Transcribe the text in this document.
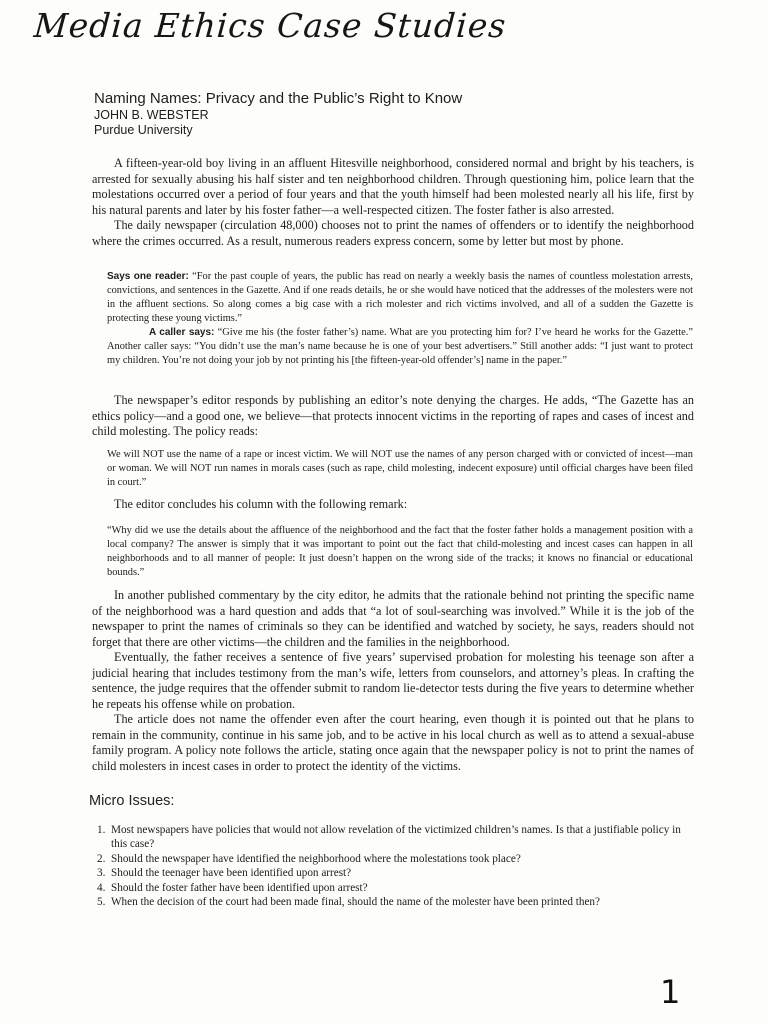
Media Ethics Case Studies
Naming Names: Privacy and the Public’s Right to Know
JOHN B. WEBSTER
Purdue University

A fifteen-year-old boy living in an affluent Hitesville neighborhood, considered normal and bright by his teachers, is arrested for sexually abusing his half sister and ten neighborhood children. Through questioning him, police learn that the molestations occurred over a period of four years and that the youth himself had been molested nearly all his life, first by his natural parents and later by his foster father—a well-respected citizen. The foster father is also arrested.

The daily newspaper (circulation 48,000) chooses not to print the names of offenders or to identify the neighborhood where the crimes occurred. As a result, numerous readers express concern, some by letter but most by phone.

Says one reader: “For the past couple of years, the public has read on nearly a weekly basis the names of countless molestation arrests, convictions, and sentences in the Gazette. And if one reads details, he or she would have noticed that the addresses of the molesters were not in the affluent sections. So along comes a big case with a rich molester and rich victims involved, and all of a sudden the Gazette is protecting these young victims.”

A caller says: “Give me his (the foster father’s) name. What are you protecting him for? I’ve heard he works for the Gazette.” Another caller says: “You didn’t use the man’s name because he is one of your best advertisers.” Still another adds: “I just want to protect my children. You’re not doing your job by not printing his [the fifteen-year-old offender’s] name in the paper.”

The newspaper’s editor responds by publishing an editor’s note denying the charges. He adds, “The Gazette has an ethics policy—and a good one, we believe—that protects innocent victims in the reporting of rapes and cases of incest and child molesting. The policy reads:

We will NOT use the name of a rape or incest victim. We will NOT use the names of any person charged with or convicted of incest—man or woman. We will NOT run names in morals cases (such as rape, child molesting, indecent exposure) until official charges have been filed in court.”

The editor concludes his column with the following remark:

“Why did we use the details about the affluence of the neighborhood and the fact that the foster father holds a management position with a local company? The answer is simply that it was important to point out the fact that child-molesting and incest cases can happen in all neighborhoods and to all manner of people: It just doesn’t happen on the wrong side of the tracks; it knows no financial or educational bounds.”

In another published commentary by the city editor, he admits that the rationale behind not printing the specific name of the neighborhood was a hard question and adds that “a lot of soul-searching was involved.” While it is the job of the newspaper to print the names of criminals so they can be identified and watched by society, he says, readers should not forget that there are other victims—the children and the families in the neighborhood.

Eventually, the father receives a sentence of five years’ supervised probation for molesting his teenage son after a judicial hearing that includes testimony from the man’s wife, letters from counselors, and attorney’s pleas. In crafting the sentence, the judge requires that the offender submit to random lie-detector tests during the five years to determine whether he repeats his offense while on probation.

The article does not name the offender even after the court hearing, even though it is pointed out that he plans to remain in the community, continue in his same job, and to be active in his local church as well as to attend a sexual-abuse family program. A policy note follows the article, stating once again that the newspaper policy is not to print the names of child molesters in incest cases in order to protect the identity of the victims.

Micro Issues:
1. Most newspapers have policies that would not allow revelation of the victimized children’s names. Is that a justifiable policy in this case?
2. Should the newspaper have identified the neighborhood where the molestations took place?
3. Should the teenager have been identified upon arrest?
4. Should the foster father have been identified upon arrest?
5. When the decision of the court had been made final, should the name of the molester have been printed then?
1
